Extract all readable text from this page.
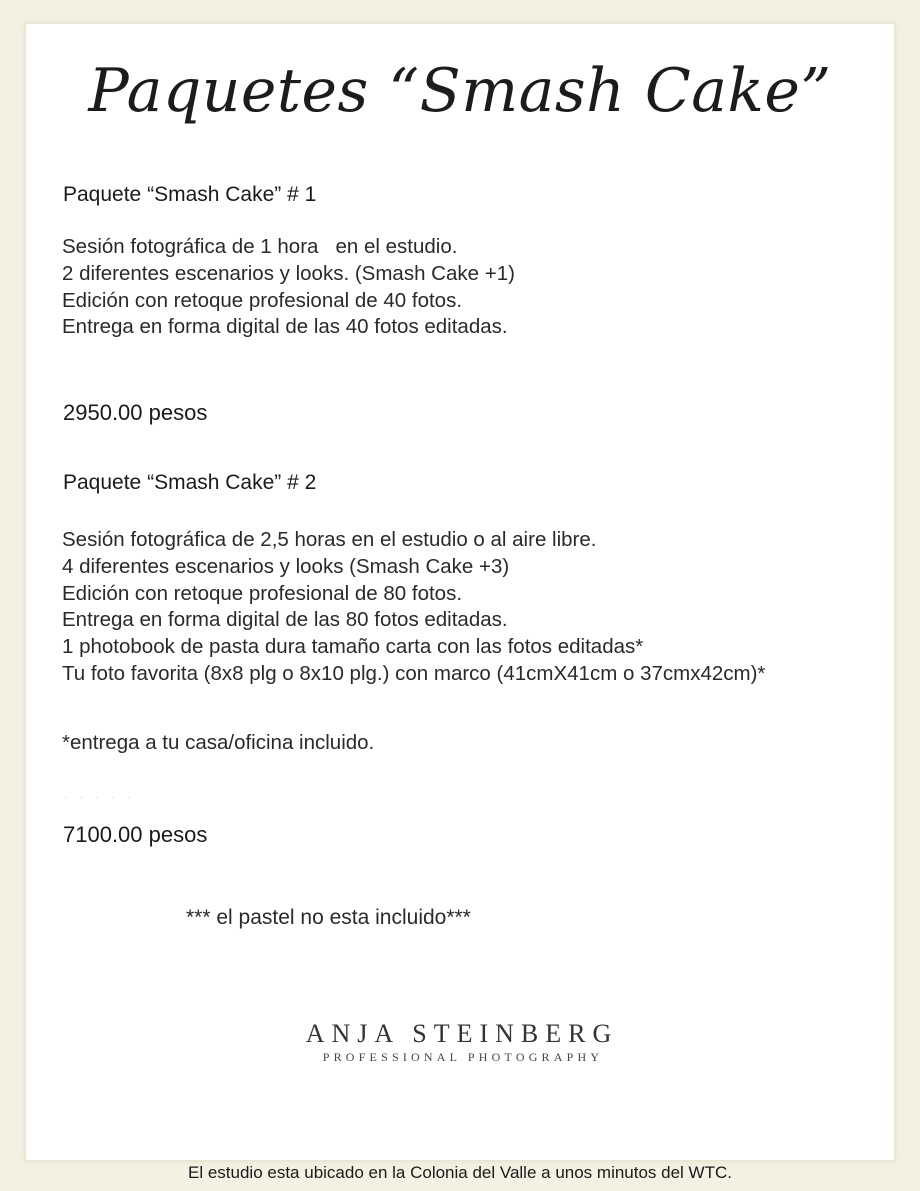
Paquetes “Smash Cake”
Paquete “Smash Cake” # 1
Sesión fotográfica de 1 hora   en el estudio.
2 diferentes escenarios y looks. (Smash Cake +1)
Edición con retoque profesional de 40 fotos.
Entrega en forma digital de las 40 fotos editadas.
2950.00 pesos
Paquete “Smash Cake” # 2
Sesión fotográfica de 2,5 horas en el estudio o al aire libre.
4 diferentes escenarios y looks (Smash Cake +3)
Edición con retoque profesional de 80 fotos.
Entrega en forma digital de las 80 fotos editadas.
1 photobook de pasta dura tamaño carta con las fotos editadas*
Tu foto favorita (8x8 plg o 8x10 plg.) con marco (41cmX41cm o 37cmx42cm)*
*entrega a tu casa/oficina incluido.
· · · · ·
7100.00 pesos
*** el pastel no esta incluido***
ANJA STEINBERG
PROFESSIONAL PHOTOGRAPHY
El estudio esta ubicado en la Colonia del Valle a unos minutos del WTC.
